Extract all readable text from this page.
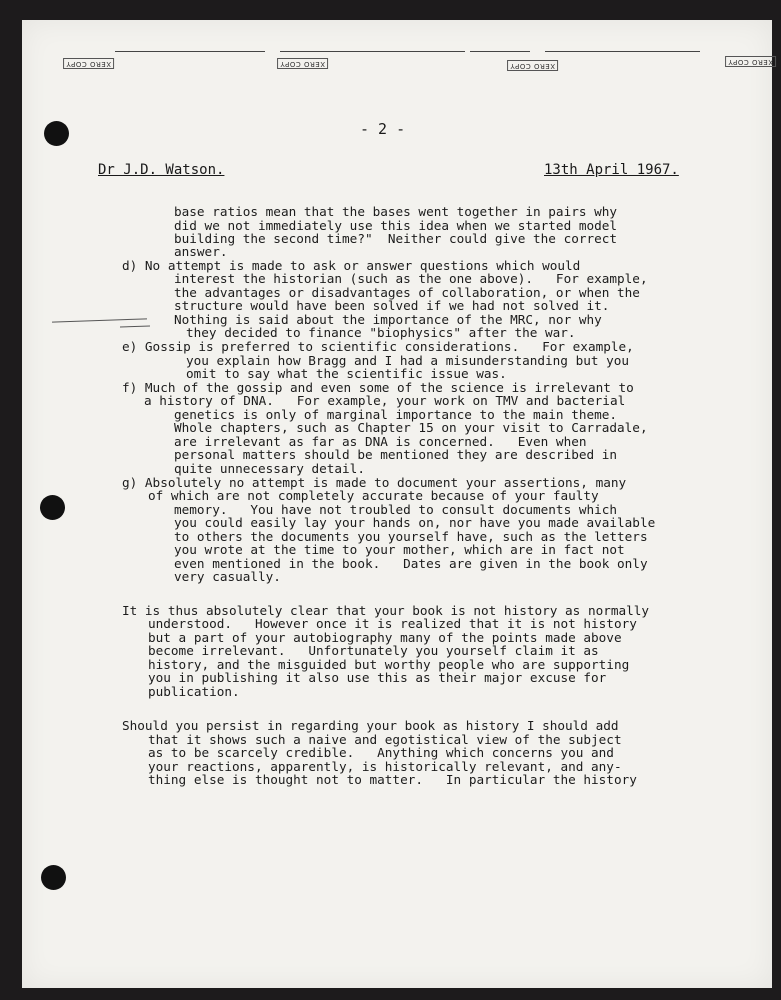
XERO COPY	XERO COPY	XERO COPY	XERO COPY
- 2 -
Dr J.D. Watson.	13th April 1967.
base ratios mean that the bases went together in pairs why
did we not immediately use this idea when we started model
building the second time?"  Neither could give the correct
answer.
d) No attempt is made to ask or answer questions which would
interest the historian (such as the one above).   For example,
the advantages or disadvantages of collaboration, or when the
structure would have been solved if we had not solved it.
Nothing is said about the importance of the MRC, nor why
they decided to finance "biophysics" after the war.
e) Gossip is preferred to scientific considerations.   For example,
you explain how Bragg and I had a misunderstanding but you
omit to say what the scientific issue was.
f) Much of the gossip and even some of the science is irrelevant to
a history of DNA.   For example, your work on TMV and bacterial
genetics is only of marginal importance to the main theme.
Whole chapters, such as Chapter 15 on your visit to Carradale,
are irrelevant as far as DNA is concerned.   Even when
personal matters should be mentioned they are described in
quite unnecessary detail.
g) Absolutely no attempt is made to document your assertions, many
of which are not completely accurate because of your faulty
memory.   You have not troubled to consult documents which
you could easily lay your hands on, nor have you made available
to others the documents you yourself have, such as the letters
you wrote at the time to your mother, which are in fact not
even mentioned in the book.   Dates are given in the book only
very casually.
It is thus absolutely clear that your book is not history as normally
understood.   However once it is realized that it is not history
but a part of your autobiography many of the points made above
become irrelevant.   Unfortunately you yourself claim it as
history, and the misguided but worthy people who are supporting
you in publishing it also use this as their major excuse for
publication.
Should you persist in regarding your book as history I should add
that it shows such a naive and egotistical view of the subject
as to be scarcely credible.   Anything which concerns you and
your reactions, apparently, is historically relevant, and any-
thing else is thought not to matter.   In particular the history
